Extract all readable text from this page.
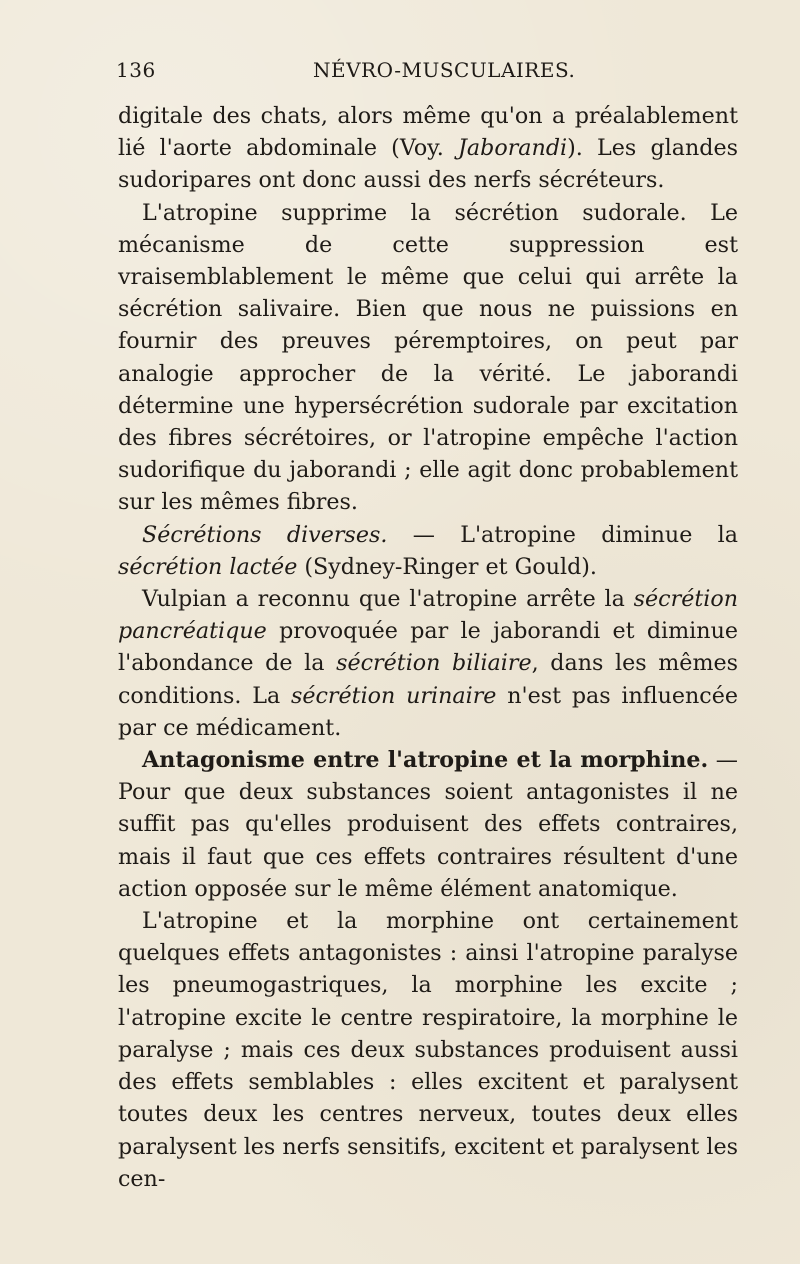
136	NÉVRO-MUSCULAIRES.

digitale des chats, alors même qu'on a préalablement lié l'aorte abdominale (Voy. Jaborandi). Les glandes sudoripares ont donc aussi des nerfs sécréteurs.

L'atropine supprime la sécrétion sudorale. Le mécanisme de cette suppression est vraisemblablement le même que celui qui arrête la sécrétion salivaire. Bien que nous ne puissions en fournir des preuves péremptoires, on peut par analogie approcher de la vérité. Le jaborandi détermine une hypersécrétion sudorale par excitation des fibres sécrétoires, or l'atropine empêche l'action sudorifique du jaborandi ; elle agit donc probablement sur les mêmes fibres.

Sécrétions diverses. — L'atropine diminue la sécrétion lactée (Sydney-Ringer et Gould).

Vulpian a reconnu que l'atropine arrête la sécrétion pancréatique provoquée par le jaborandi et diminue l'abondance de la sécrétion biliaire, dans les mêmes conditions. La sécrétion urinaire n'est pas influencée par ce médicament.

Antagonisme entre l'atropine et la morphine. — Pour que deux substances soient antagonistes il ne suffit pas qu'elles produisent des effets contraires, mais il faut que ces effets contraires résultent d'une action opposée sur le même élément anatomique.

L'atropine et la morphine ont certainement quelques effets antagonistes : ainsi l'atropine paralyse les pneumogastriques, la morphine les excite ; l'atropine excite le centre respiratoire, la morphine le paralyse ; mais ces deux substances produisent aussi des effets semblables : elles excitent et paralysent toutes deux les centres nerveux, toutes deux elles paralysent les nerfs sensitifs, excitent et paralysent les cen-
